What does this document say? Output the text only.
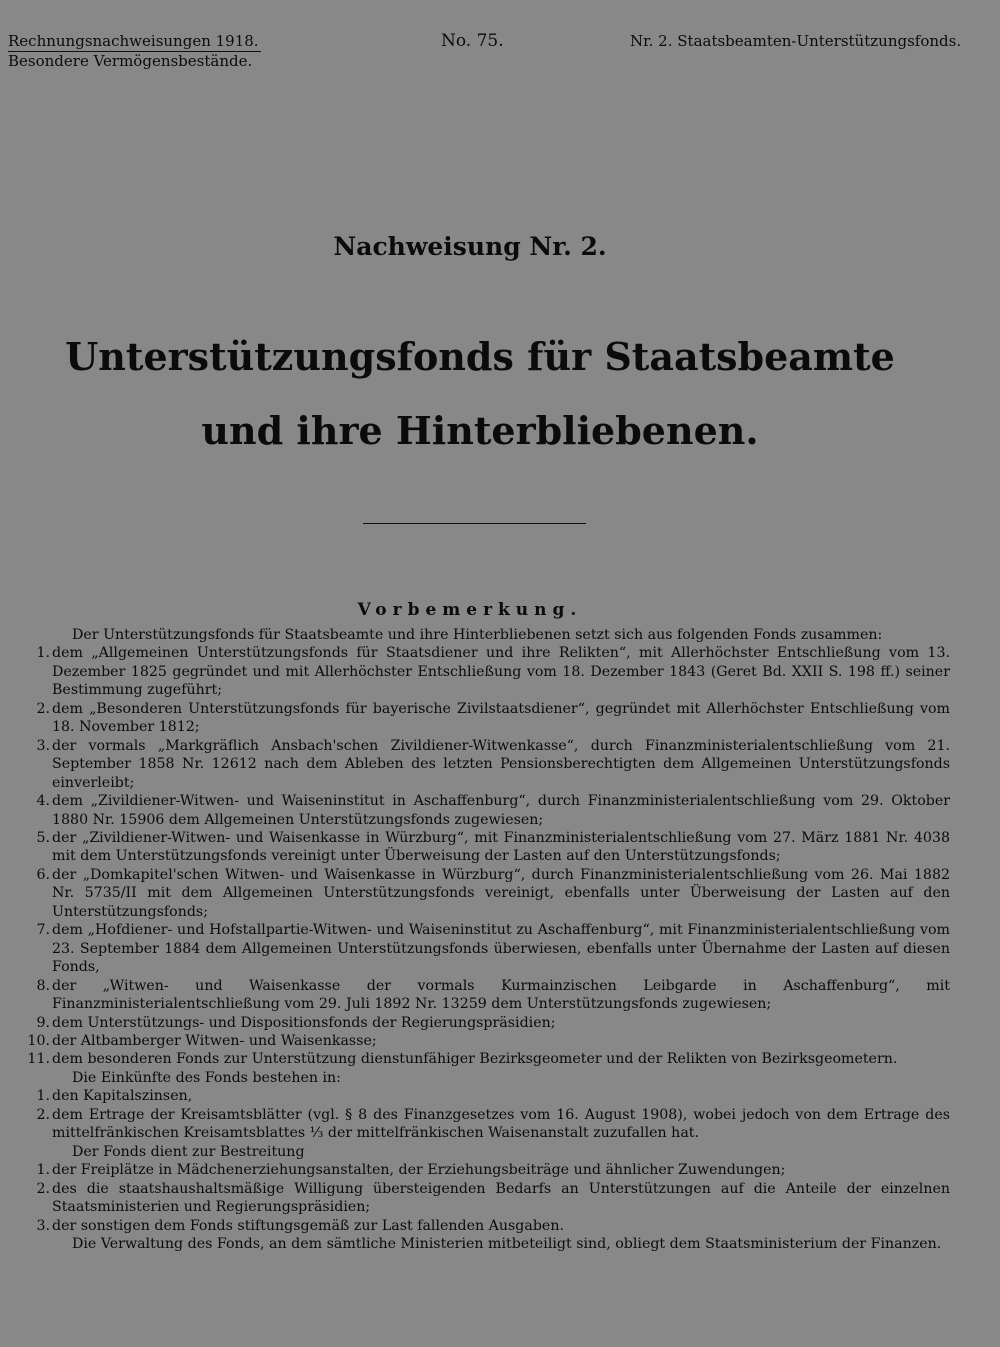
Rechnungsnachweisungen 1918.
Besondere Vermögensbestände.
No. 75.	Nr. 2. Staatsbeamten-Unterstützungsfonds.
Nachweisung Nr. 2.
Unterstützungsfonds für Staatsbeamte
und ihre Hinterbliebenen.
Vorbemerkung.

Der Unterstützungsfonds für Staatsbeamte und ihre Hinterbliebenen setzt sich aus folgenden Fonds zusammen:

1. dem „Allgemeinen Unterstützungsfonds für Staatsdiener und ihre Relikten“, mit Allerhöchster Entschließung vom 13. Dezember 1825 gegründet und mit Allerhöchster Entschließung vom 18. Dezember 1843 (Geret Bd. XXII S. 198 ff.) seiner Bestimmung zugeführt;
2. dem „Besonderen Unterstützungsfonds für bayerische Zivilstaatsdiener“, gegründet mit Allerhöchster Entschließung vom 18. November 1812;
3. der vormals „Markgräflich Ansbach'schen Zivildiener-Witwenkasse“, durch Finanzministerialentschließung vom 21. September 1858 Nr. 12612 nach dem Ableben des letzten Pensionsberechtigten dem Allgemeinen Unterstützungsfonds einverleibt;
4. dem „Zivildiener-Witwen- und Waiseninstitut in Aschaffenburg“, durch Finanzministerialentschließung vom 29. Oktober 1880 Nr. 15906 dem Allgemeinen Unterstützungsfonds zugewiesen;
5. der „Zivildiener-Witwen- und Waisenkasse in Würzburg“, mit Finanzministerialentschließung vom 27. März 1881 Nr. 4038 mit dem Unterstützungsfonds vereinigt unter Überweisung der Lasten auf den Unterstützungsfonds;
6. der „Domkapitel'schen Witwen- und Waisenkasse in Würzburg“, durch Finanzministerialentschließung vom 26. Mai 1882 Nr. 5735/II mit dem Allgemeinen Unterstützungsfonds vereinigt, ebenfalls unter Überweisung der Lasten auf den Unterstützungsfonds;
7. dem „Hofdiener- und Hofstallpartie-Witwen- und Waiseninstitut zu Aschaffenburg“, mit Finanzministerialentschließung vom 23. September 1884 dem Allgemeinen Unterstützungsfonds überwiesen, ebenfalls unter Übernahme der Lasten auf diesen Fonds,
8. der „Witwen- und Waisenkasse der vormals Kurmainzischen Leibgarde in Aschaffenburg“, mit Finanzministerialentschließung vom 29. Juli 1892 Nr. 13259 dem Unterstützungsfonds zugewiesen;
9. dem Unterstützungs- und Dispositionsfonds der Regierungspräsidien;
10. der Altbamberger Witwen- und Waisenkasse;
11. dem besonderen Fonds zur Unterstützung dienstunfähiger Bezirksgeometer und der Relikten von Bezirksgeometern.

Die Einkünfte des Fonds bestehen in:

1. den Kapitalszinsen,
2. dem Ertrage der Kreisamtsblätter (vgl. § 8 des Finanzgesetzes vom 16. August 1908), wobei jedoch von dem Ertrage des mittelfränkischen Kreisamtsblattes ⅓ der mittelfränkischen Waisenanstalt zuzufallen hat.

Der Fonds dient zur Bestreitung

1. der Freiplätze in Mädchenerziehungsanstalten, der Erziehungsbeiträge und ähnlicher Zuwendungen;
2. des die staatshaushaltsmäßige Willigung übersteigenden Bedarfs an Unterstützungen auf die Anteile der einzelnen Staatsministerien und Regierungspräsidien;
3. der sonstigen dem Fonds stiftungsgemäß zur Last fallenden Ausgaben.

Die Verwaltung des Fonds, an dem sämtliche Ministerien mitbeteiligt sind, obliegt dem Staatsministerium der Finanzen.
